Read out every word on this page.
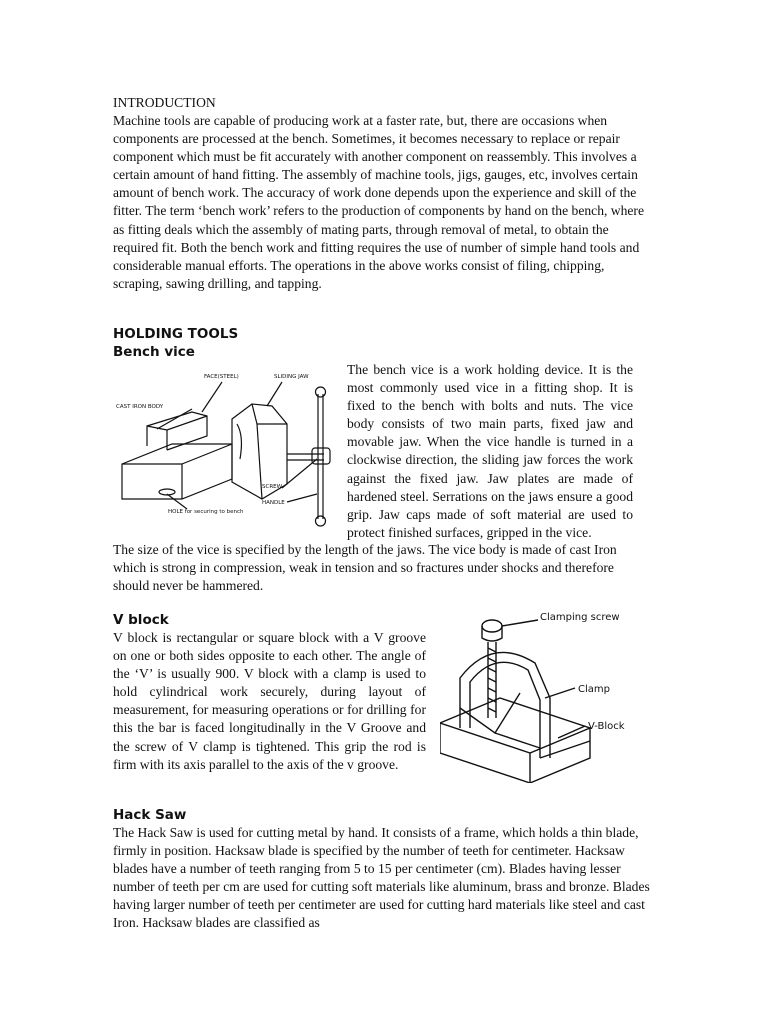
INTRODUCTION

Machine tools are capable of producing work at a faster rate, but, there are occasions when components are processed at the bench. Sometimes, it becomes necessary to replace or repair component which must be fit accurately with another component on reassembly. This involves a certain amount of hand fitting. The assembly of machine tools, jigs, gauges, etc, involves certain amount of bench work. The accuracy of work done depends upon the experience and skill of the fitter. The term ‘bench work’ refers to the production of components by hand on the bench, where as fitting deals which the assembly of mating parts, through removal of metal, to obtain the required fit. Both the bench work and fitting requires the use of number of simple hand tools and considerable manual efforts. The operations in the above works consist of filing, chipping, scraping, sawing drilling, and tapping.

HOLDING TOOLS
Bench vice
FACE(STEEL)	SLIDING JAW
CAST IRON BODY
SCREW
HANDLE
HOLE for securing to bench

The bench vice is a work holding device. It is the most commonly used vice in a fitting shop. It is fixed to the bench with bolts and nuts. The vice body consists of two main parts, fixed jaw and movable jaw. When the vice handle is turned in a clockwise direction, the sliding jaw forces the work against the fixed jaw. Jaw plates are made of hardened steel. Serrations on the jaws ensure a good grip. Jaw caps made of soft material are used to protect finished surfaces, gripped in the vice.

The size of the vice is specified by the length of the jaws. The vice body is made of cast Iron which is strong in compression, weak in tension and so fractures under shocks and therefore should never be hammered.

V block

V block is rectangular or square block with a V groove on one or both sides opposite to each other. The angle of the ‘V’ is usually 900. V block with a clamp is used to hold cylindrical work securely, during layout of measurement, for measuring operations or for drilling for this the bar is faced longitudinally in the V Groove and the screw of V clamp is tightened. This grip the rod is firm with its axis parallel to the axis of the v groove.

Clamping screw
Clamp
V-Block
Hack Saw

The Hack Saw is used for cutting metal by hand. It consists of a frame, which holds a thin blade, firmly in position. Hacksaw blade is specified by the number of teeth for centimeter. Hacksaw blades have a number of teeth ranging from 5 to 15 per centimeter (cm). Blades having lesser number of teeth per cm are used for cutting soft materials like aluminum, brass and bronze. Blades having larger number of teeth per centimeter are used for cutting hard materials like steel and cast Iron. Hacksaw blades are classified as
